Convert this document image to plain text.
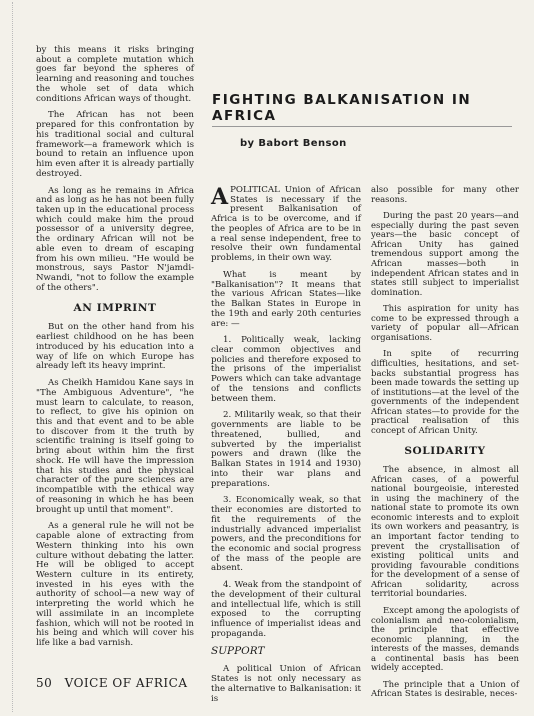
FIGHTING BALKANISATION IN AFRICA
by Babort Benson

by this means it risks bringing about a complete mutation which goes far beyond the spheres of learning and reasoning and touches the whole set of data which conditions African ways of thought.

The African has not been prepared for this confrontation by his traditional social and cultural framework—a framework which is bound to retain an influence upon him even after it is already partially destroyed.

As long as he remains in Africa and as long as he has not been fully taken up in the educational process which could make him the proud possessor of a university degree, the ordinary African will not be able even to dream of escaping from his own milieu. "He would be monstrous, says Pastor N'jamdi-Nwandi, "not to follow the example of the others".

AN IMPRINT

But on the other hand from his earliest childhood on he has been introduced by his education into a way of life on which Europe has already left its heavy imprint.

As Cheikh Hamidou Kane says in "The Ambiguous Adventure", "he must learn to calculate, to reason, to reflect, to give his opinion on this and that event and to be able to discover from it the truth by scientific training is itself going to bring about within him the first shock. He will have the impression that his studies and the physical character of the pure sciences are incompatible with the ethical way of reasoning in which he has been brought up until that moment".

As a general rule he will not be capable alone of extracting from Western thinking into his own culture without debating the latter. He will be obliged to accept Western culture in its entirety, invested in his eyes with the authority of school—a new way of interpreting the world which he will assimilate in an incomplete fashion, which will not be rooted in his being and which will cover his life like a bad varnish.

APOLITICAL Union of African States is necessary if the present Balkanisation of Africa is to be overcome, and if the peoples of Africa are to be in a real sense independent, free to resolve their own fundamental problems, in their own way.

What is meant by "Balkanisation"? It means that the various African States—like the Balkan States in Europe in the 19th and early 20th centuries are: —

1. Politically weak, lacking clear common objectives and policies and therefore exposed to the prisons of the imperialist Powers which can take advantage of the tensions and conflicts between them.

2. Militarily weak, so that their governments are liable to be threatened, bullied, and subverted by the imperialist powers and drawn (like the Balkan States in 1914 and 1930) into their war plans and preparations.

3. Economically weak, so that their economies are distorted to fit the requirements of the industrially advanced imperialist powers, and the preconditions for the economic and social progress of the mass of the people are absent.

4. Weak from the standpoint of the development of their cultural and intellectual life, which is still exposed to the corrupting influence of imperialist ideas and propaganda.

SUPPORT

A political Union of African States is not only necessary as the alternative to Balkanisation: it is

also possible for many other reasons.

During the past 20 years—and especially during the past seven years—the basic concept of African Unity has gained tremendous support among the African masses—both in independent African states and in states still subject to imperialist domination.

This aspiration for unity has come to be expressed through a variety of popular all—African organisations.

In spite of recurring difficulties, hesitations, and set-backs substantial progress has been made towards the setting up of institutions—at the level of the governments of the independent African states—to provide for the practical realisation of this concept of African Unity.

SOLIDARITY

The absence, in almost all African cases, of a powerful national bourgeoisie, interested in using the machinery of the national state to promote its own economic interests and to exploit its own workers and peasantry, is an important factor tending to prevent the crystallisation of existing political units and providing favourable conditions for the development of a sense of African solidarity, across territorial boundaries.

Except among the apologists of colonialism and neo-colonialism, the principle that effective economic planning, in the interests of the masses, demands a continental basis has been widely accepted.

The principle that a Union of African States is desirable, neces-

50 VOICE OF AFRICA
